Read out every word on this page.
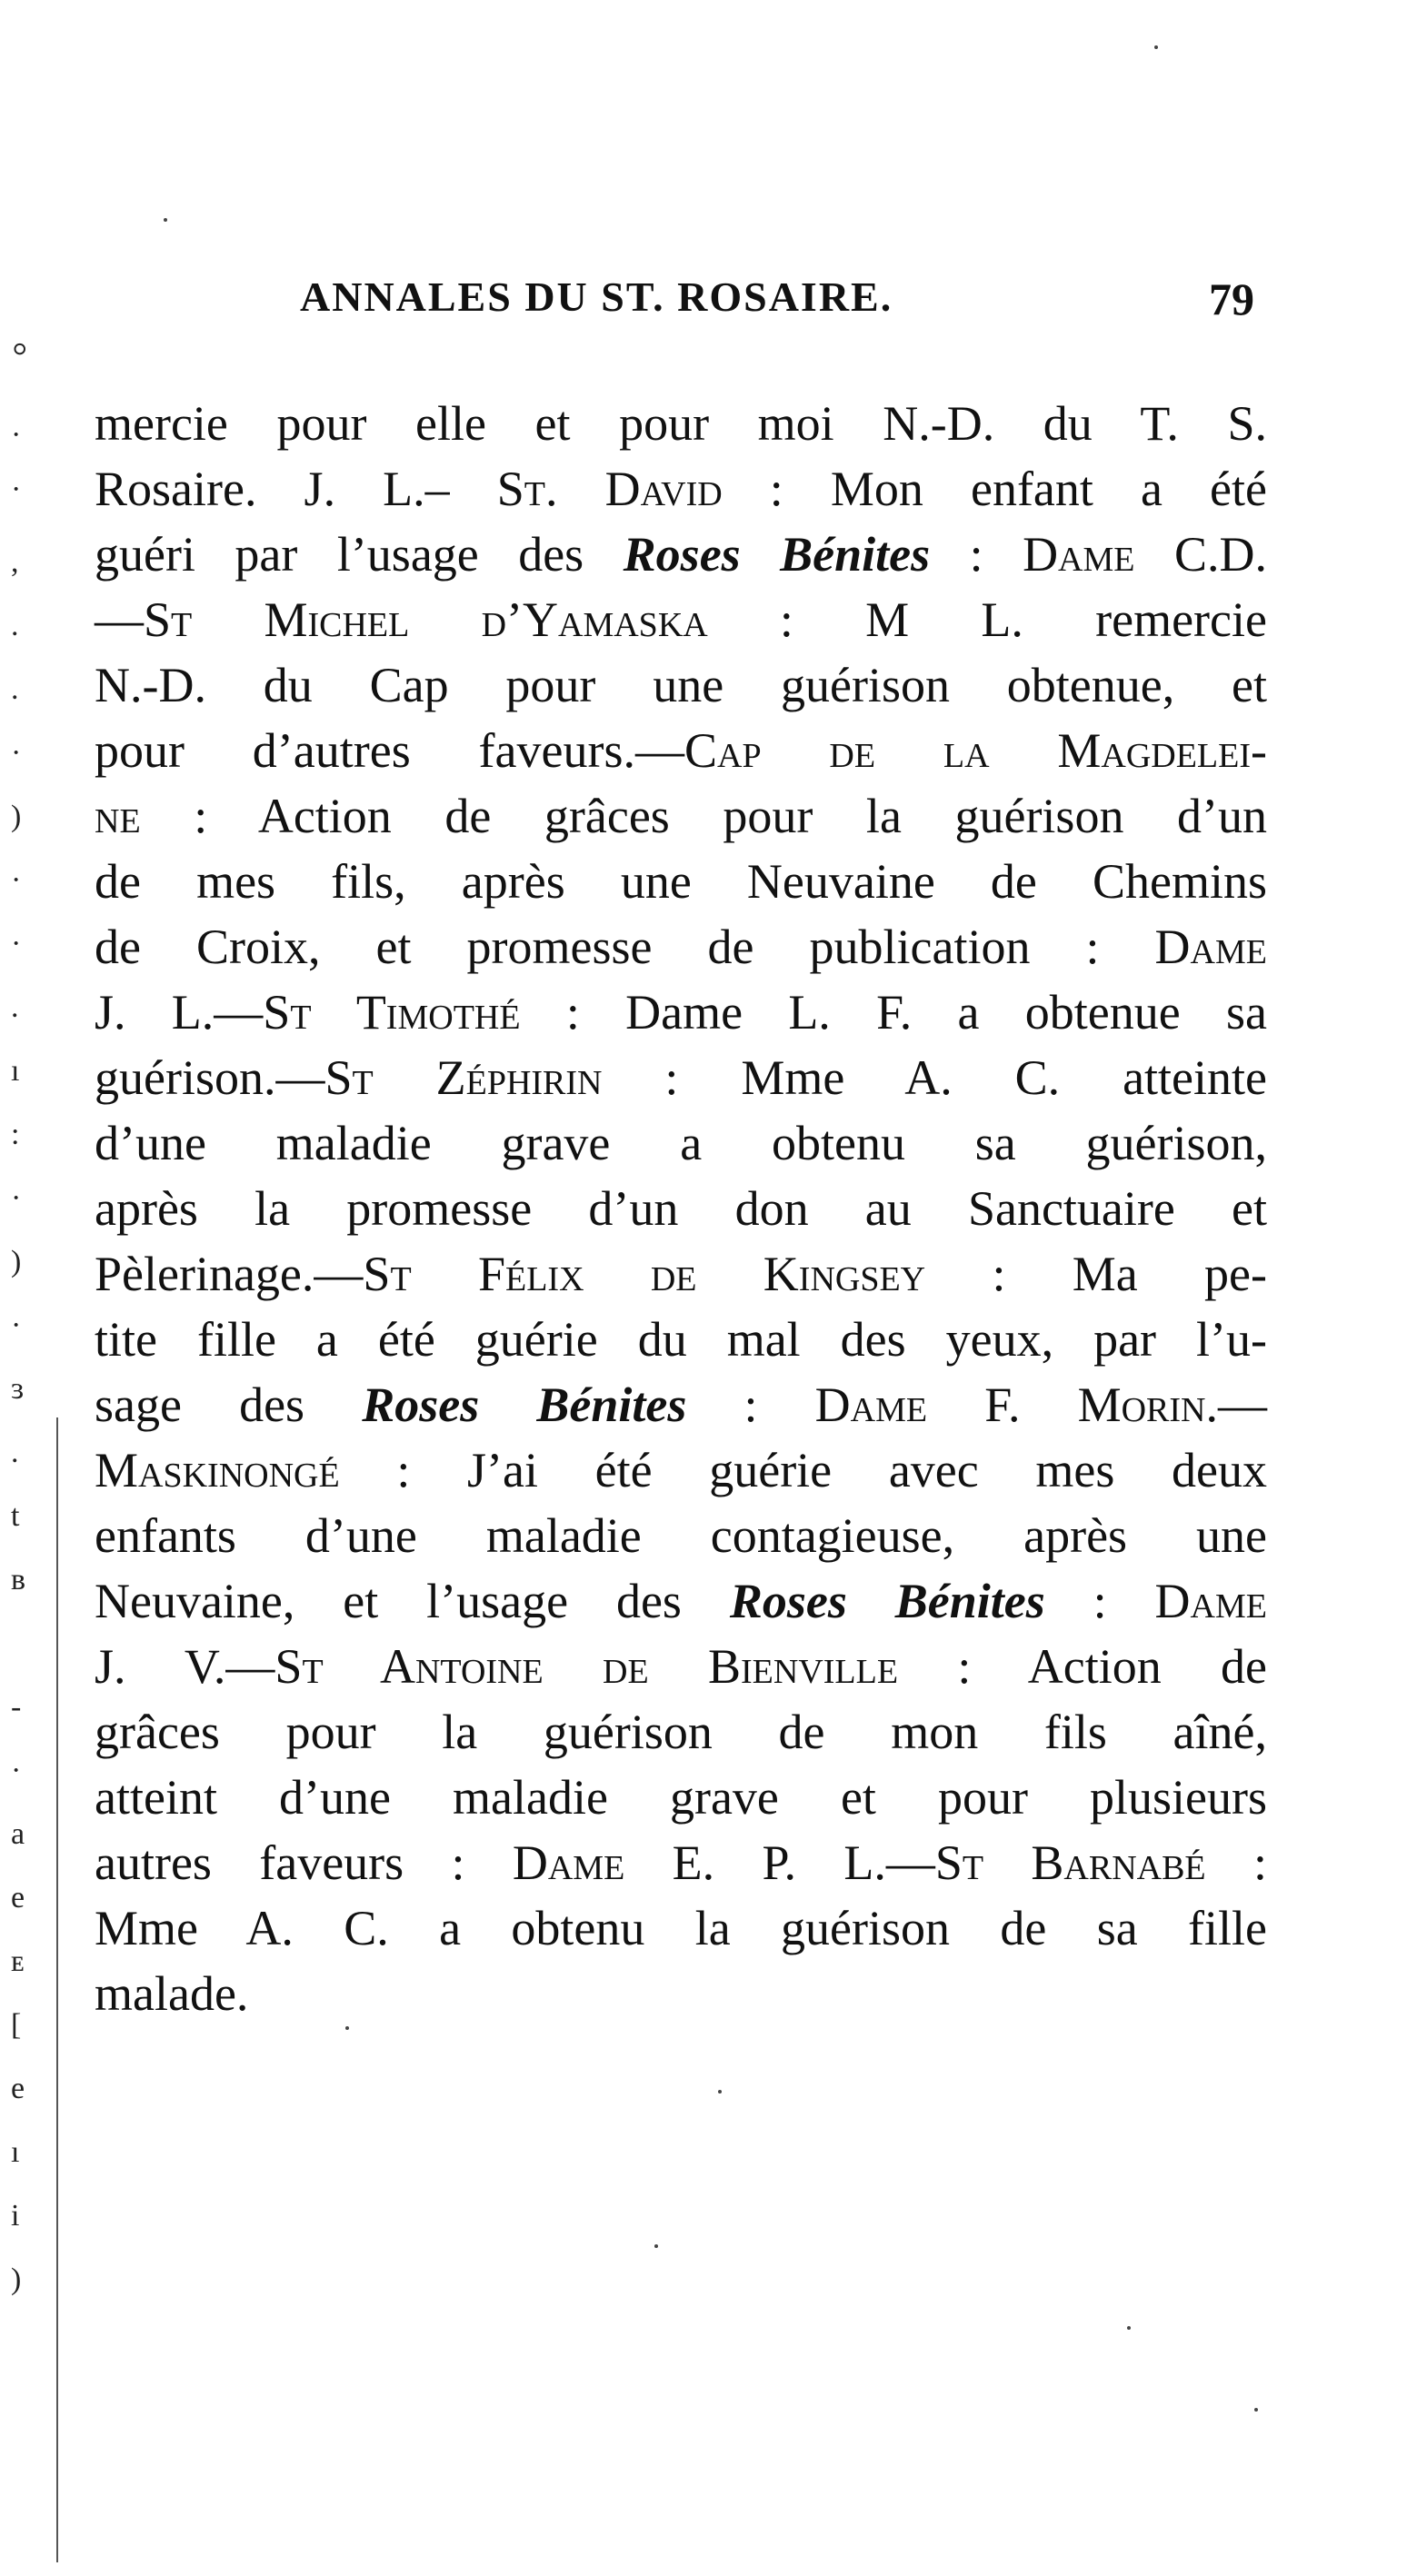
ANNALES DU ST. ROSAIRE.	79
mercie pour elle et pour moi N.-D. du T. S.
Rosaire. J. L.– St. David : Mon enfant a été
guéri par l’usage des Roses Bénites : Dame C.D.
—St Michel d’Yamaska : M L. remercie
N.-D. du Cap pour une guérison obtenue, et
pour d’autres faveurs.—Cap de la Magdelei-
ne : Action de grâces pour la guérison d’un
de mes fils, après une Neuvaine de Chemins
de Croix, et promesse de publication : Dame
J. L.—St Timothé : Dame L. F. a obtenue sa
guérison.—St Zéphirin : Mme A. C. atteinte
d’une maladie grave a obtenu sa guérison,
après la promesse d’un don au Sanctuaire et
Pèlerinage.—St Félix de Kingsey : Ma pe-
tite fille a été guérie du mal des yeux, par l’u-
sage des Roses Bénites : Dame F. Morin.—
Maskinongé : J’ai été guérie avec mes deux
enfants d’une maladie contagieuse, après une
Neuvaine, et l’usage des Roses Bénites : Dame
J. V.—St Antoine de Bienville : Action de
grâces pour la guérison de mon fils aîné,
atteint d’une maladie grave et pour plusieurs
autres faveurs : Dame E. P. L.—St Barnabé :
Mme A. C. a obtenu la guérison de sa fille
malade.
⸰
·
·
,
.
.
·
)
·
·
.
ı
:
·
)
·
ɜ
.
t
ʙ
-
·
a
e
ᴇ
[
e
ı
i
)
